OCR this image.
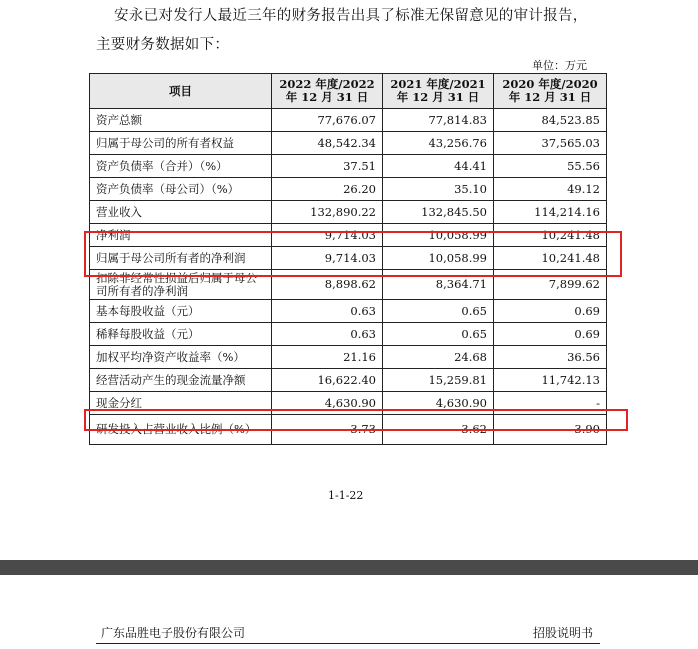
安永已对发行人最近三年的财务报告出具了标准无保留意见的审计报告，
主要财务数据如下：
单位：万元
项目	2022 年度/2022 年 12 月 31 日	2021 年度/2021 年 12 月 31 日	2020 年度/2020 年 12 月 31 日
资产总额	77,676.07	77,814.83	84,523.85
归属于母公司的所有者权益	48,542.34	43,256.76	37,565.03
资产负债率（合并）（%）	37.51	44.41	55.56
资产负债率（母公司）（%）	26.20	35.10	49.12
营业收入	132,890.22	132,845.50	114,214.16
净利润	9,714.03	10,058.99	10,241.48
归属于母公司所有者的净利润	9,714.03	10,058.99	10,241.48
扣除非经常性损益后归属于母公司所有者的净利润	8,898.62	8,364.71	7,899.62
基本每股收益（元）	0.63	0.65	0.69
稀释每股收益（元）	0.63	0.65	0.69
加权平均净资产收益率（%）	21.16	24.68	36.56
经营活动产生的现金流量净额	16,622.40	15,259.81	11,742.13
现金分红	4,630.90	4,630.90	-
研发投入占营业收入比例（%）	3.73	3.62	3.90
1-1-22
广东品胜电子股份有限公司	招股说明书
